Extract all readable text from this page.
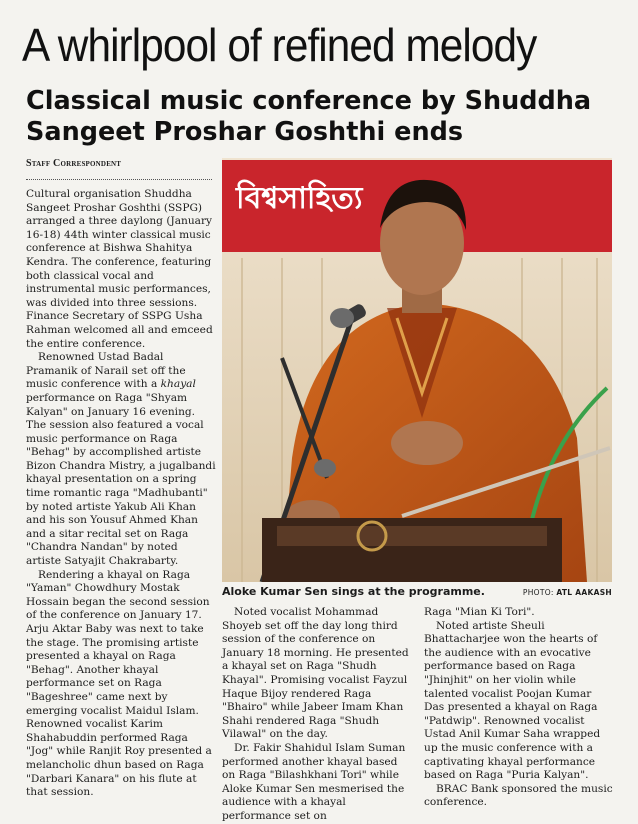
A whirlpool of refined melody
Classical music conference by Shuddha Sangeet Proshar Goshthi ends
Staff Correspondent

Cultural organisation Shuddha Sangeet Proshar Goshthi (SSPG) arranged a three daylong (January 16-18) 44th winter classical music conference at Bishwa Shahitya Kendra. The conference, featuring both classical vocal and instrumental music performances, was divided into three sessions. Finance Secretary of SSPG Usha Rahman welcomed all and emceed the entire conference.

Renowned Ustad Badal Pramanik of Narail set off the music conference with a khayal performance on Raga "Shyam Kalyan" on January 16 evening. The session also featured a vocal music performance on Raga "Behag" by accomplished artiste Bizon Chandra Mistry, a jugalbandi khayal presentation on a spring time romantic raga "Madhubanti" by noted artiste Yakub Ali Khan and his son Yousuf Ahmed Khan and a sitar recital set on Raga "Chandra Nandan" by noted artiste Satyajit Chakrabarty.

Rendering a khayal on Raga "Yaman" Chowdhury Mostak Hossain began the second session of the conference on January 17. Arju Aktar Baby was next to take the stage. The promising artiste presented a khayal on Raga "Behag". Another khayal performance set on Raga "Bageshree" came next by emerging vocalist Maidul Islam. Renowned vocalist Karim Shahabuddin performed Raga "Jog" while Ranjit Roy presented a melancholic dhun based on Raga "Darbari Kanara" on his flute at that session.

বিশ্বসাহিত্য
Aloke Kumar Sen sings at the programme.	PHOTO: ATL AAKASH

Noted vocalist Mohammad Shoyeb set off the day long third session of the conference on January 18 morning. He presented a khayal set on Raga "Shudh Khayal". Promising vocalist Fayzul Haque Bijoy rendered Raga "Bhairo" while Jabeer Imam Khan Shahi rendered Raga "Shudh Vilawal" on the day.

Dr. Fakir Shahidul Islam Suman performed another khayal based on Raga "Bilashkhani Tori" while Aloke Kumar Sen mesmerised the audience with a khayal performance set on

Raga "Mian Ki Tori".

Noted artiste Sheuli Bhattacharjee won the hearts of the audience with an evocative performance based on Raga "Jhinjhit" on her violin while talented vocalist Poojan Kumar Das presented a khayal on Raga "Patdwip". Renowned vocalist Ustad Anil Kumar Saha wrapped up the music conference with a captivating khayal performance based on Raga "Puria Kalyan".

BRAC Bank sponsored the music conference.
